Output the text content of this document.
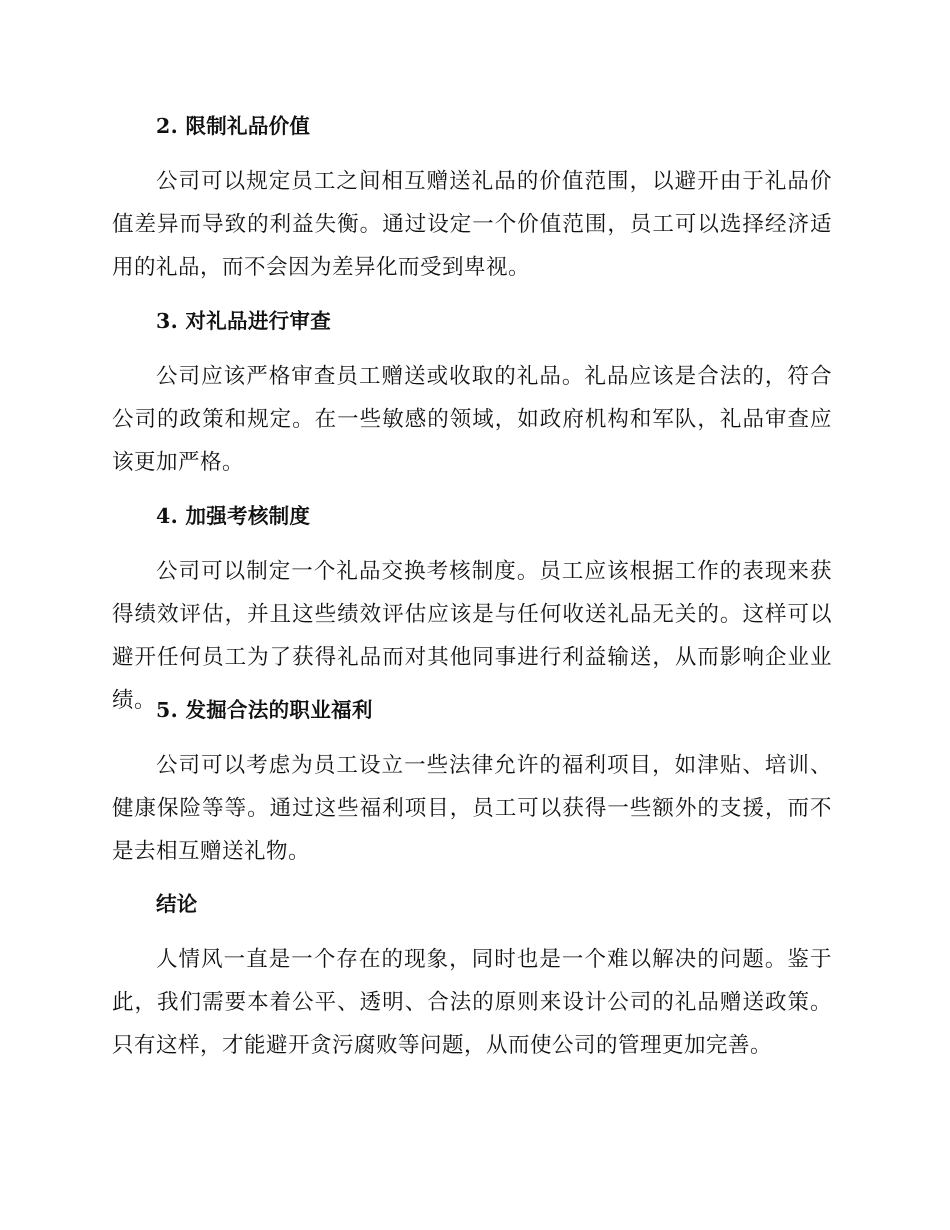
2. 限制礼品价值

公司可以规定员工之间相互赠送礼品的价值范围，以避开由于礼品价值差异而导致的利益失衡。通过设定一个价值范围，员工可以选择经济适用的礼品，而不会因为差异化而受到卑视。

3. 对礼品进行审查

公司应该严格审查员工赠送或收取的礼品。礼品应该是合法的，符合公司的政策和规定。在一些敏感的领域，如政府机构和军队，礼品审查应该更加严格。

4. 加强考核制度

公司可以制定一个礼品交换考核制度。员工应该根据工作的表现来获得绩效评估，并且这些绩效评估应该是与任何收送礼品无关的。这样可以避开任何员工为了获得礼品而对其他同事进行利益输送，从而影响企业业绩。 5. 发掘合法的职业福利

公司可以考虑为员工设立一些法律允许的福利项目，如津贴、培训、健康保险等等。通过这些福利项目，员工可以获得一些额外的支援，而不是去相互赠送礼物。

结论

人情风一直是一个存在的现象，同时也是一个难以解决的问题。鉴于此，我们需要本着公平、透明、合法的原则来设计公司的礼品赠送政策。只有这样，才能避开贪污腐败等问题，从而使公司的管理更加完善。
